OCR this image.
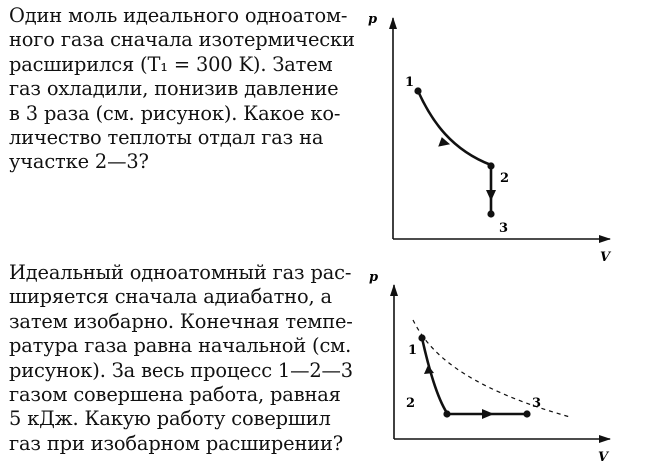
Один моль идеального одноатом-
ного газа сначала изотермически
расширился (T₁ = 300 K). Затем
газ охладили, понизив давление
в 3 раза (см. рисунок). Какое ко-
личество теплоты отдал газ на
участке 2—3?
Идеальный одноатомный газ рас-
ширяется сначала адиабатно, а
затем изобарно. Конечная темпе-
ратура газа равна начальной (см.
рисунок). За весь процесс 1—2—3
газом совершена работа, равная
5 кДж. Какую работу совершил
газ при изобарном расширении?
p
V
1
2
3
p
V
1
2	3
